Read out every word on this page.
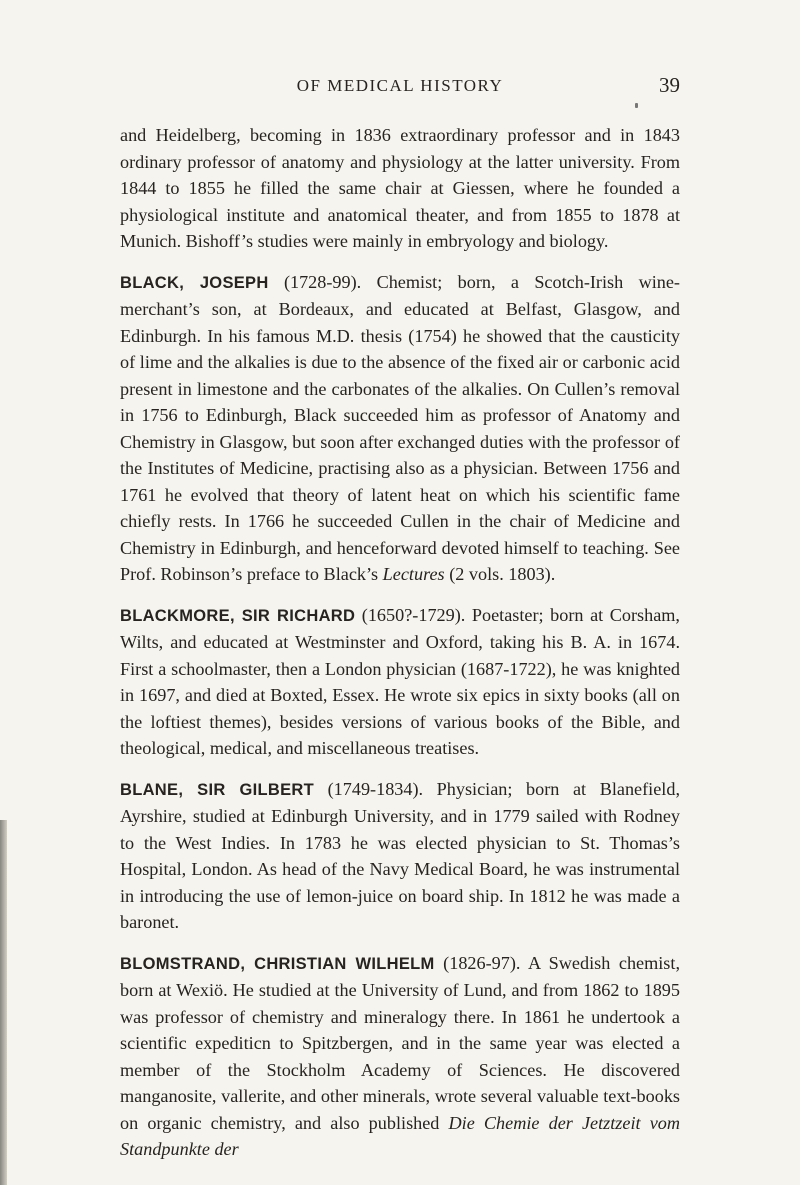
OF MEDICAL HISTORY	39

and Heidelberg, becoming in 1836 extraordinary professor and in 1843 ordinary professor of anatomy and physiology at the latter university. From 1844 to 1855 he filled the same chair at Giessen, where he founded a physiological institute and anatomical theater, and from 1855 to 1878 at Munich. Bishoff’s studies were mainly in embryology and biology.

BLACK, JOSEPH (1728-99). Chemist; born, a Scotch-Irish wine-merchant’s son, at Bordeaux, and educated at Belfast, Glasgow, and Edinburgh. In his famous M.D. thesis (1754) he showed that the causticity of lime and the alkalies is due to the absence of the fixed air or carbonic acid present in limestone and the carbonates of the alkalies. On Cullen’s removal in 1756 to Edinburgh, Black succeeded him as professor of Anatomy and Chemistry in Glasgow, but soon after exchanged duties with the professor of the Institutes of Medicine, practising also as a physician. Between 1756 and 1761 he evolved that theory of latent heat on which his scientific fame chiefly rests. In 1766 he succeeded Cullen in the chair of Medicine and Chemistry in Edinburgh, and henceforward devoted himself to teaching. See Prof. Robinson’s preface to Black’s Lectures (2 vols. 1803).

BLACKMORE, SIR RICHARD (1650?-1729). Poetaster; born at Corsham, Wilts, and educated at Westminster and Oxford, taking his B. A. in 1674. First a schoolmaster, then a London physician (1687-1722), he was knighted in 1697, and died at Boxted, Essex. He wrote six epics in sixty books (all on the loftiest themes), besides versions of various books of the Bible, and theological, medical, and miscellaneous treatises.

BLANE, SIR GILBERT (1749-1834). Physician; born at Blanefield, Ayrshire, studied at Edinburgh University, and in 1779 sailed with Rodney to the West Indies. In 1783 he was elected physician to St. Thomas’s Hospital, London. As head of the Navy Medical Board, he was instrumental in introducing the use of lemon-juice on board ship. In 1812 he was made a baronet.

BLOMSTRAND, CHRISTIAN WILHELM (1826-97). A Swedish chemist, born at Wexiö. He studied at the University of Lund, and from 1862 to 1895 was professor of chemistry and mineralogy there. In 1861 he undertook a scientific expediticn to Spitzbergen, and in the same year was elected a member of the Stockholm Academy of Sciences. He discovered manganosite, vallerite, and other minerals, wrote several valuable text-books on organic chemistry, and also published Die Chemie der Jetztzeit vom Standpunkte der
